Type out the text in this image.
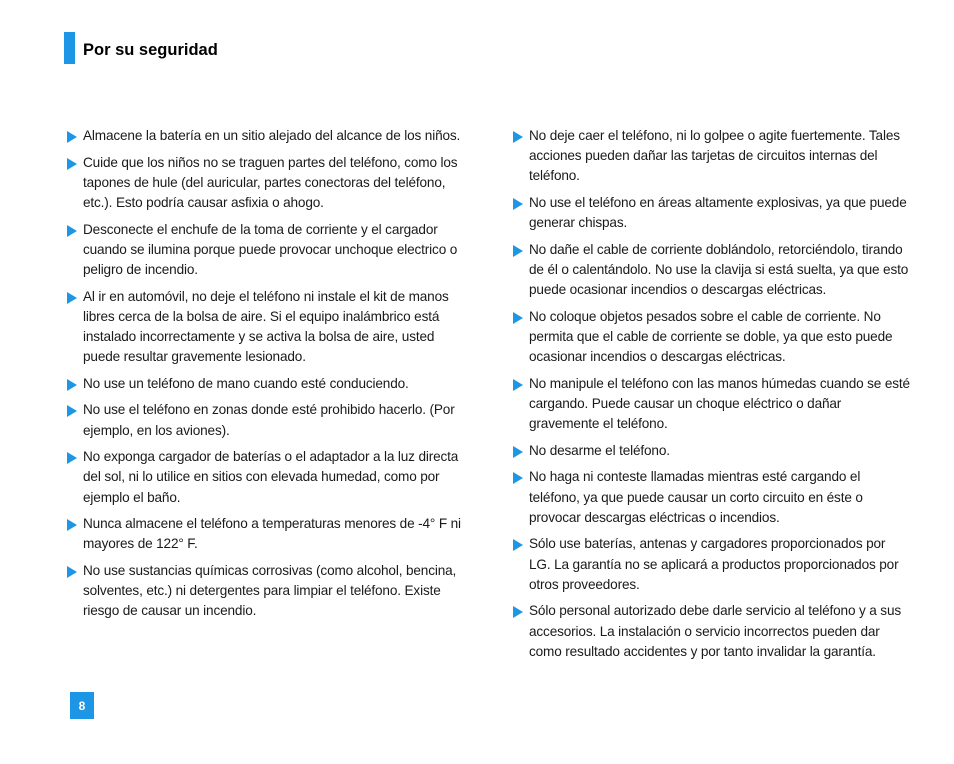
Por su seguridad
Almacene la batería en un sitio alejado del alcance de los niños.
Cuide que los niños no se traguen partes del teléfono, como los tapones de hule (del auricular, partes conectoras del teléfono, etc.). Esto podría causar asfixia o ahogo.
Desconecte el enchufe de la toma de corriente y el cargador cuando se ilumina porque puede provocar unchoque electrico o peligro de incendio.
Al ir en automóvil, no deje el teléfono ni instale el kit de manos libres cerca de la bolsa de aire. Si el equipo inalámbrico está instalado incorrectamente y se activa la bolsa de aire, usted puede resultar gravemente lesionado.
No use un teléfono de mano cuando esté conduciendo.
No use el teléfono en zonas donde esté prohibido hacerlo. (Por ejemplo, en los aviones).
No exponga cargador de baterías o el adaptador a la luz directa del sol, ni lo utilice en sitios con elevada humedad, como por ejemplo el baño.
Nunca almacene el teléfono a temperaturas menores de -4° F ni mayores de 122° F.
No use sustancias químicas corrosivas (como alcohol, bencina, solventes, etc.) ni detergentes para limpiar el teléfono. Existe riesgo de causar un incendio.
No deje caer el teléfono, ni lo golpee o agite fuertemente. Tales acciones pueden dañar las tarjetas de circuitos internas del teléfono.
No use el teléfono en áreas altamente explosivas, ya que puede generar chispas.
No dañe el cable de corriente doblándolo, retorciéndolo, tirando de él o calentándolo. No use la clavija si está suelta, ya que esto puede ocasionar incendios o descargas eléctricas.
No coloque objetos pesados sobre el cable de corriente. No permita que el cable de corriente se doble, ya que esto puede ocasionar incendios o descargas eléctricas.
No manipule el teléfono con las manos húmedas cuando se esté cargando. Puede causar un choque eléctrico o dañar gravemente el teléfono.
No desarme el teléfono.
No haga ni conteste llamadas mientras esté cargando el teléfono, ya que puede causar un corto circuito en éste o provocar descargas eléctricas o incendios.
Sólo use baterías, antenas y cargadores proporcionados por LG. La garantía no se aplicará a productos proporcionados por otros proveedores.
Sólo personal autorizado debe darle servicio al teléfono y a sus accesorios. La instalación o servicio incorrectos pueden dar como resultado accidentes y por tanto invalidar la garantía.
8
